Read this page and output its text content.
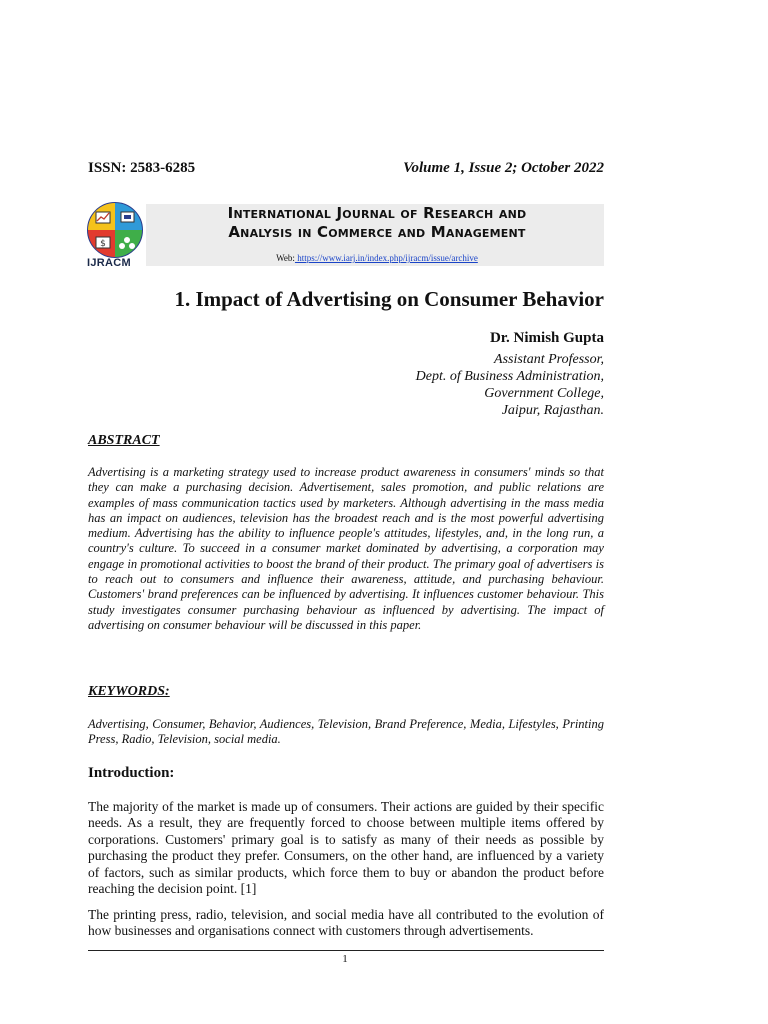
ISSN: 2583-6285	Volume 1, Issue 2; October 2022
$
IJRACM
International Journal of Research and
Analysis in Commerce and Management
Web: https://www.iarj.in/index.php/ijracm/issue/archive
1. Impact of Advertising on Consumer Behavior
Dr. Nimish Gupta
Assistant Professor,
Dept. of Business Administration,
Government College,
Jaipur, Rajasthan.
ABSTRACT
Advertising is a marketing strategy used to increase product awareness in consumers' minds so that they can make a purchasing decision. Advertisement, sales promotion, and public relations are examples of mass communication tactics used by marketers. Although advertising in the mass media has an impact on audiences, television has the broadest reach and is the most powerful advertising medium. Advertising has the ability to influence people's attitudes, lifestyles, and, in the long run, a country's culture. To succeed in a consumer market dominated by advertising, a corporation may engage in promotional activities to boost the brand of their product. The primary goal of advertisers is to reach out to consumers and influence their awareness, attitude, and purchasing behaviour. Customers' brand preferences can be influenced by advertising. It influences customer behaviour. This study investigates consumer purchasing behaviour as influenced by advertising. The impact of advertising on consumer behaviour will be discussed in this paper.
KEYWORDS:
Advertising, Consumer, Behavior, Audiences, Television, Brand Preference, Media, Lifestyles, Printing Press, Radio, Television, social media.
Introduction:
The majority of the market is made up of consumers. Their actions are guided by their specific needs. As a result, they are frequently forced to choose between multiple items offered by corporations. Customers' primary goal is to satisfy as many of their needs as possible by purchasing the product they prefer. Consumers, on the other hand, are influenced by a variety of factors, such as similar products, which force them to buy or abandon the product before reaching the decision point. [1]
The printing press, radio, television, and social media have all contributed to the evolution of how businesses and organisations connect with customers through advertisements.
1
